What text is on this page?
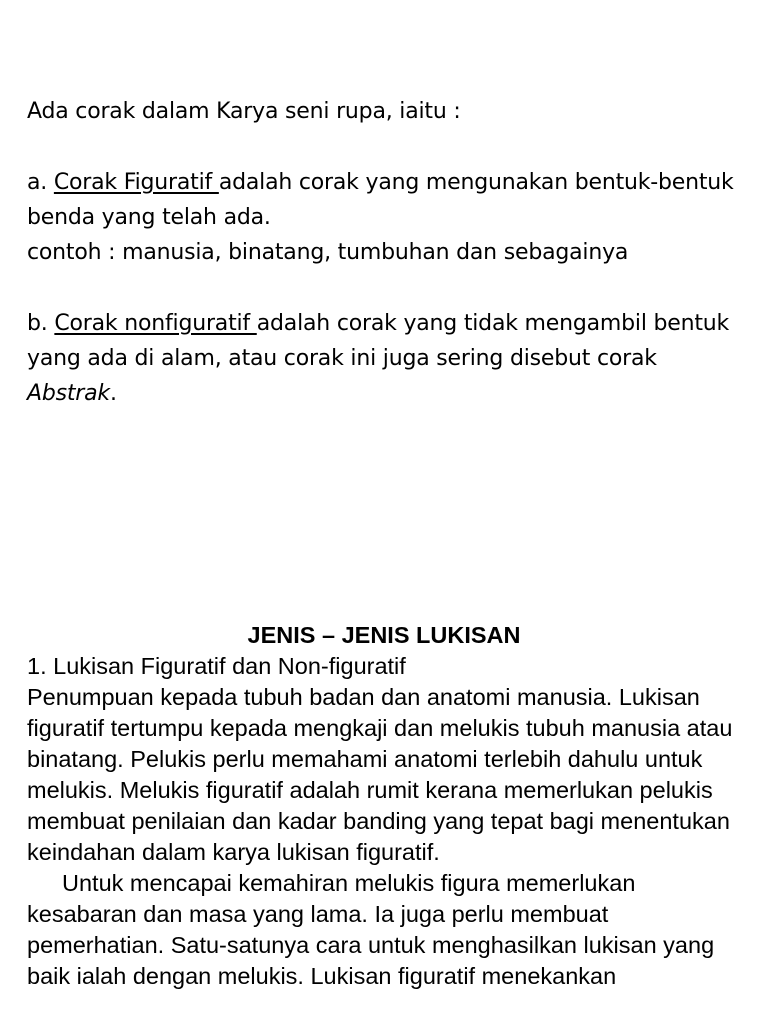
Ada corak dalam Karya seni rupa, iaitu :

a. Corak Figuratif adalah corak yang mengunakan bentuk-bentuk benda yang telah ada.

contoh : manusia, binatang, tumbuhan dan sebagainya

b. Corak nonfiguratif adalah corak yang tidak mengambil bentuk yang ada di alam, atau corak ini juga sering disebut corak Abstrak.

JENIS – JENIS LUKISAN

1. Lukisan Figuratif dan Non-figuratif

Penumpuan kepada tubuh badan dan anatomi manusia. Lukisan figuratif tertumpu kepada mengkaji dan melukis tubuh manusia atau binatang. Pelukis perlu memahami anatomi terlebih dahulu untuk melukis. Melukis figuratif adalah rumit kerana memerlukan pelukis membuat penilaian dan kadar banding yang tepat bagi menentukan keindahan dalam karya lukisan figuratif.

Untuk mencapai kemahiran melukis figura memerlukan kesabaran dan masa yang lama. Ia juga perlu membuat pemerhatian. Satu-satunya cara untuk menghasilkan lukisan yang baik ialah dengan melukis. Lukisan figuratif menekankan
